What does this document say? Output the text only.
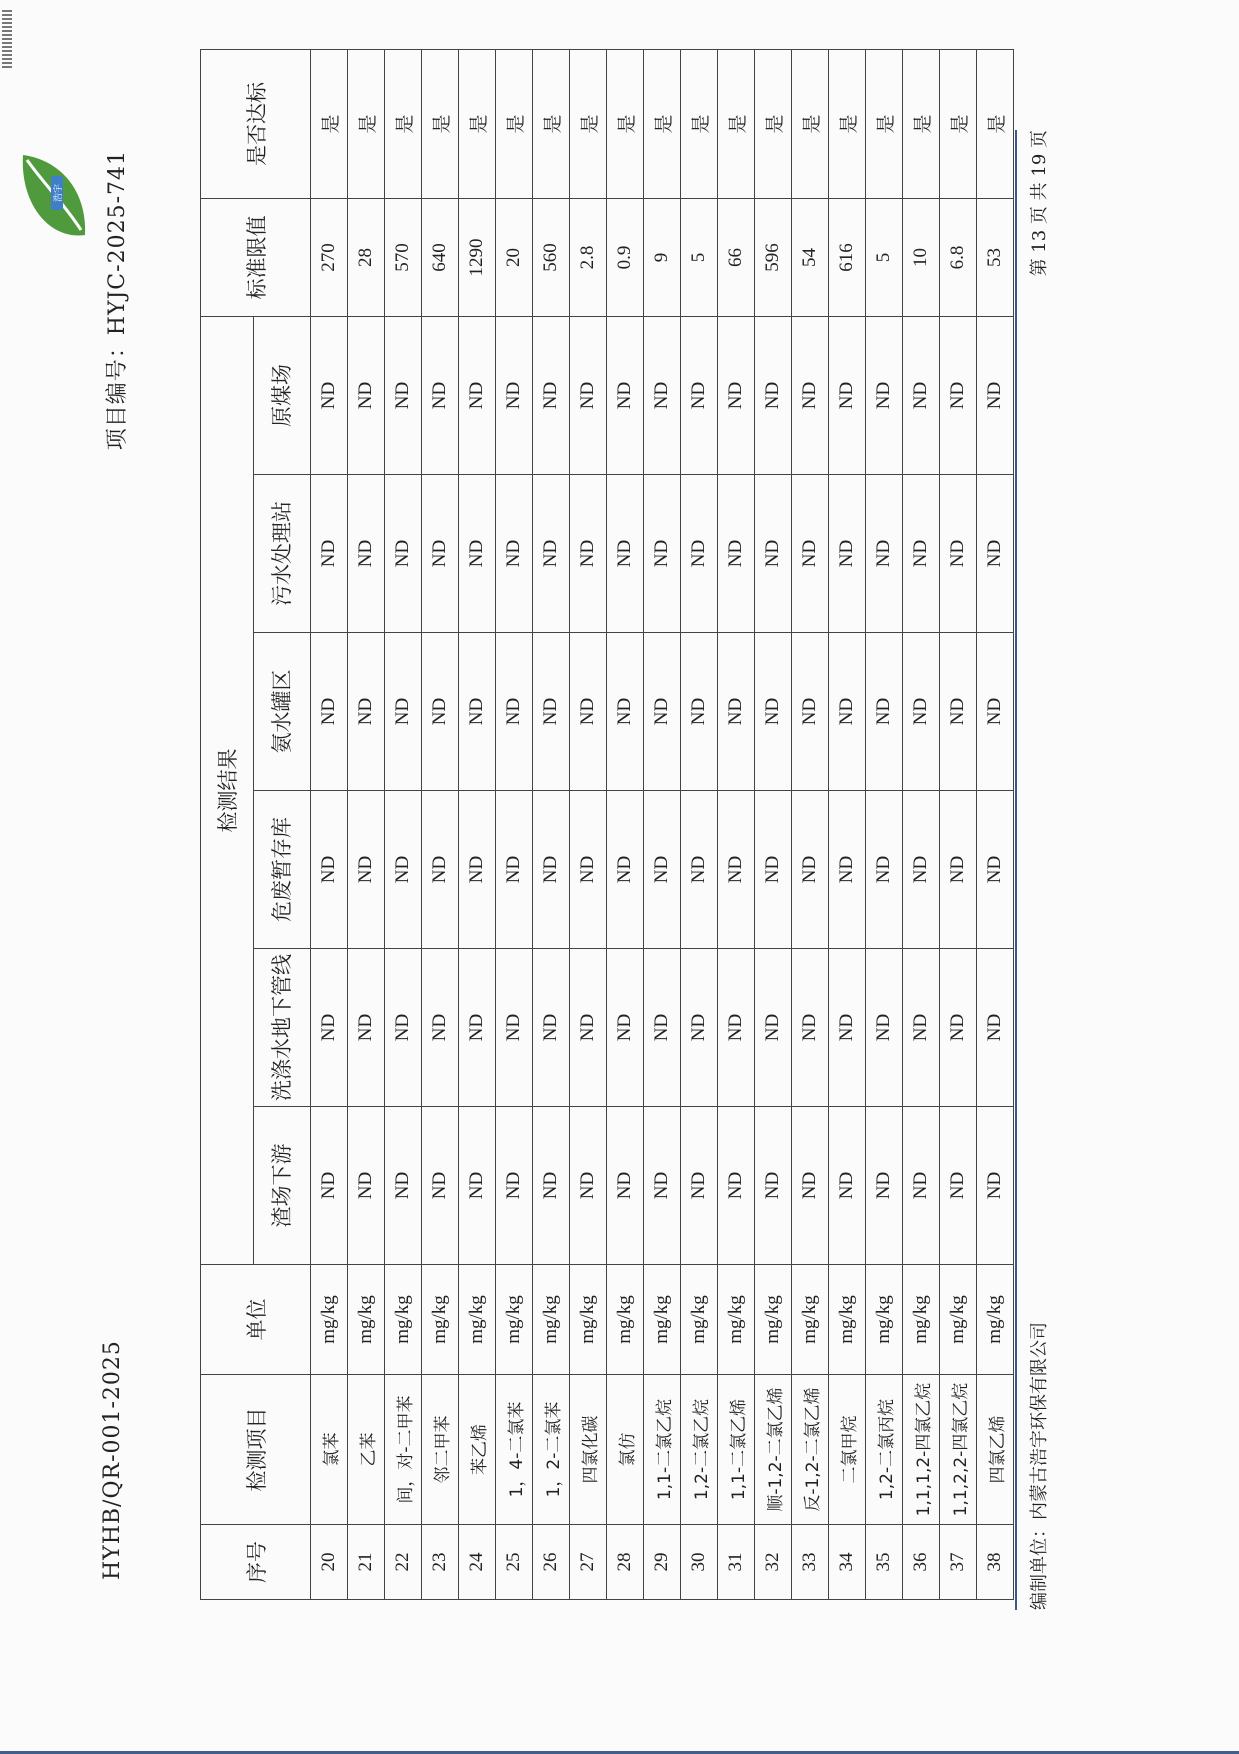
HYHB/QR-001-2025
浩宇 项目编号：HYJC-2025-741
序号	检测项目	单位	检测结果						标准限值	是否达标
			渣场下游	洗涤水地下管线	危废暂存库	氨水罐区	污水处理站	原煤场		
20	氯苯	mg/kg	ND	ND	ND	ND	ND	ND	270	是
21	乙苯	mg/kg	ND	ND	ND	ND	ND	ND	28	是
22	间，对-二甲苯	mg/kg	ND	ND	ND	ND	ND	ND	570	是
23	邻二甲苯	mg/kg	ND	ND	ND	ND	ND	ND	640	是
24	苯乙烯	mg/kg	ND	ND	ND	ND	ND	ND	1290	是
25	1，4-二氯苯	mg/kg	ND	ND	ND	ND	ND	ND	20	是
26	1，2-二氯苯	mg/kg	ND	ND	ND	ND	ND	ND	560	是
27	四氯化碳	mg/kg	ND	ND	ND	ND	ND	ND	2.8	是
28	氯仿	mg/kg	ND	ND	ND	ND	ND	ND	0.9	是
29	1,1-二氯乙烷	mg/kg	ND	ND	ND	ND	ND	ND	9	是
30	1,2-二氯乙烷	mg/kg	ND	ND	ND	ND	ND	ND	5	是
31	1,1-二氯乙烯	mg/kg	ND	ND	ND	ND	ND	ND	66	是
32	顺-1,2-二氯乙烯	mg/kg	ND	ND	ND	ND	ND	ND	596	是
33	反-1,2-二氯乙烯	mg/kg	ND	ND	ND	ND	ND	ND	54	是
34	二氯甲烷	mg/kg	ND	ND	ND	ND	ND	ND	616	是
35	1,2-二氯丙烷	mg/kg	ND	ND	ND	ND	ND	ND	5	是
36	1,1,1,2-四氯乙烷	mg/kg	ND	ND	ND	ND	ND	ND	10	是
37	1,1,2,2-四氯乙烷	mg/kg	ND	ND	ND	ND	ND	ND	6.8	是
38	四氯乙烯	mg/kg	ND	ND	ND	ND	ND	ND	53	是
编制单位：内蒙古浩宇环保有限公司
第 13 页 共 19 页
